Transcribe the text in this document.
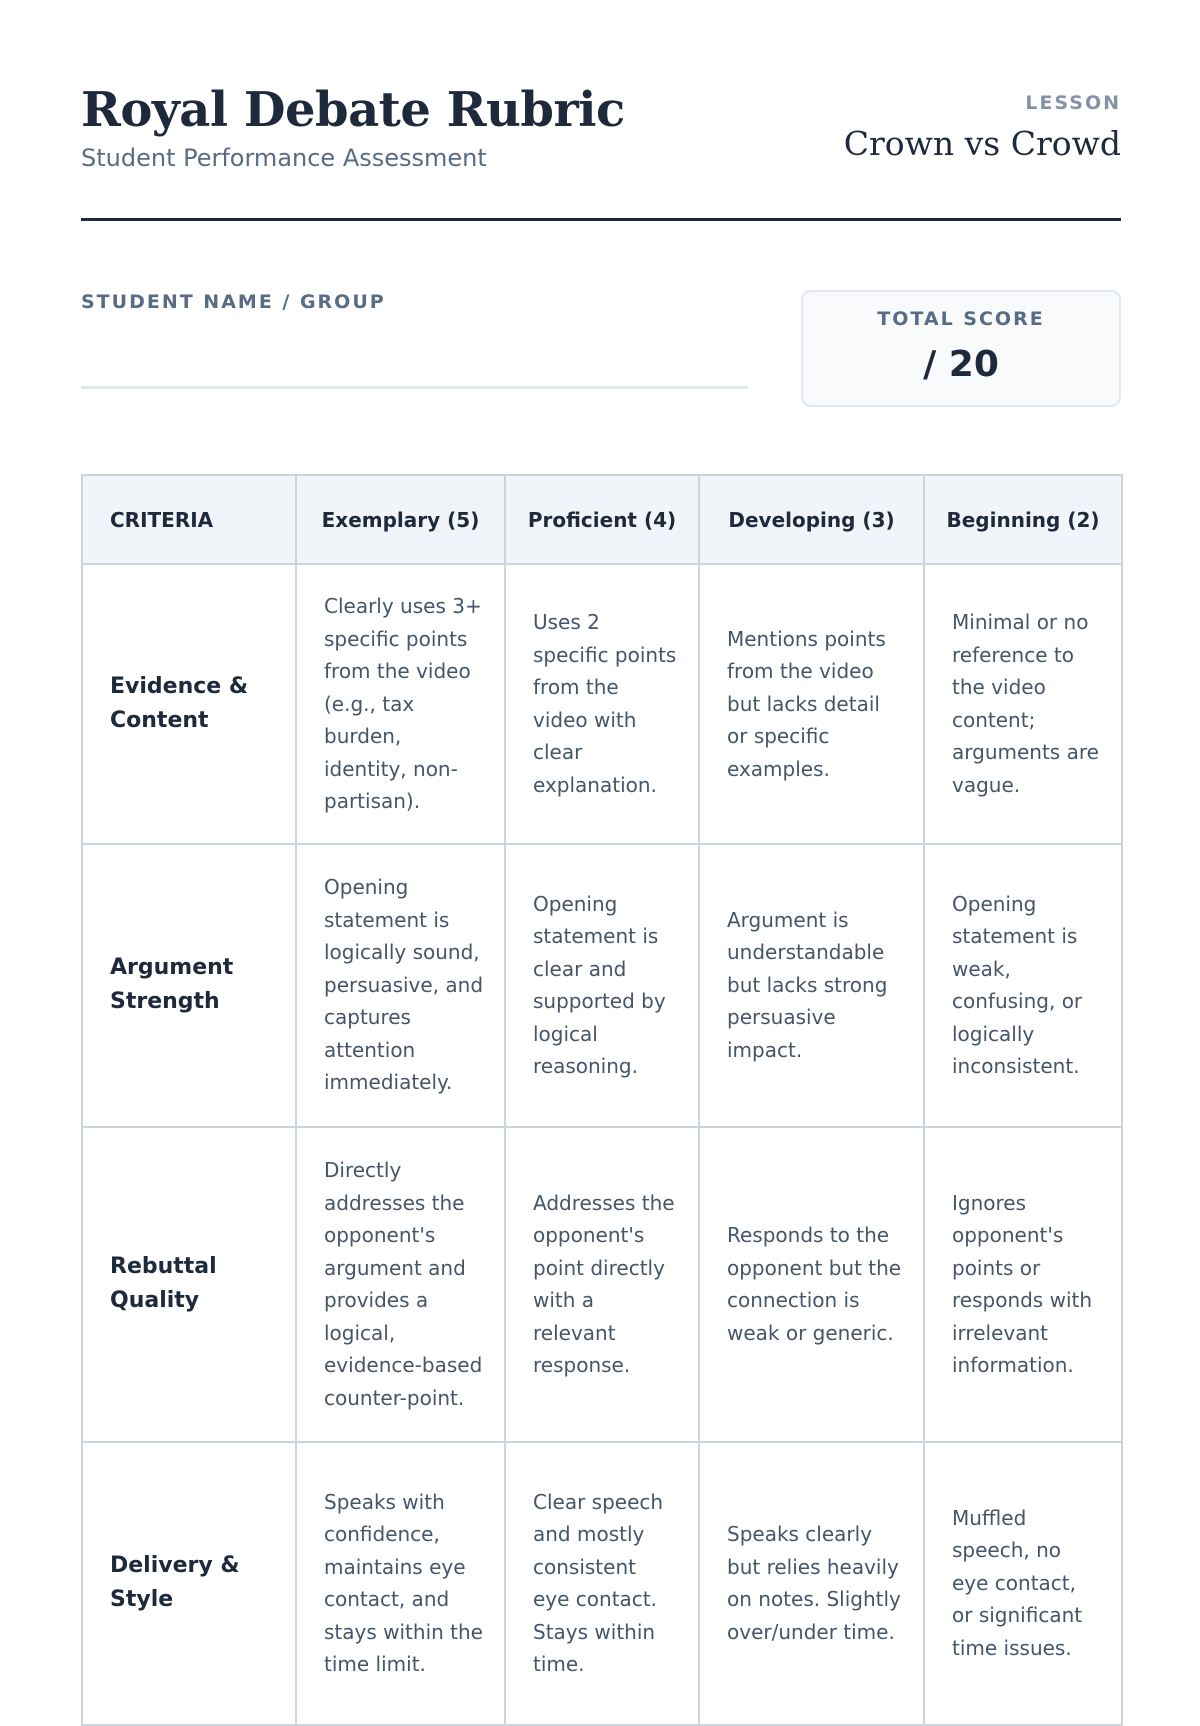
Royal Debate Rubric
Student Performance Assessment
LESSON
Crown vs Crowd
STUDENT NAME / GROUP
TOTAL SCORE
/ 20
CRITERIA	Exemplary (5)	Proficient (4)	Developing (3)	Beginning (2)
Evidence & Content	Clearly uses 3+ specific points from the video (e.g., tax burden, identity, non-partisan).	Uses 2 specific points from the video with clear explanation.	Mentions points from the video but lacks detail or specific examples.	Minimal or no reference to the video content; arguments are vague.
Argument Strength	Opening statement is logically sound, persuasive, and captures attention immediately.	Opening statement is clear and supported by logical reasoning.	Argument is understandable but lacks strong persuasive impact.	Opening statement is weak, confusing, or logically inconsistent.
Rebuttal Quality	Directly addresses the opponent's argument and provides a logical, evidence-based counter-point.	Addresses the opponent's point directly with a relevant response.	Responds to the opponent but the connection is weak or generic.	Ignores opponent's points or responds with irrelevant information.
Delivery & Style	Speaks with confidence, maintains eye contact, and stays within the time limit.	Clear speech and mostly consistent eye contact. Stays within time.	Speaks clearly but relies heavily on notes. Slightly over/under time.	Muffled speech, no eye contact, or significant time issues.
